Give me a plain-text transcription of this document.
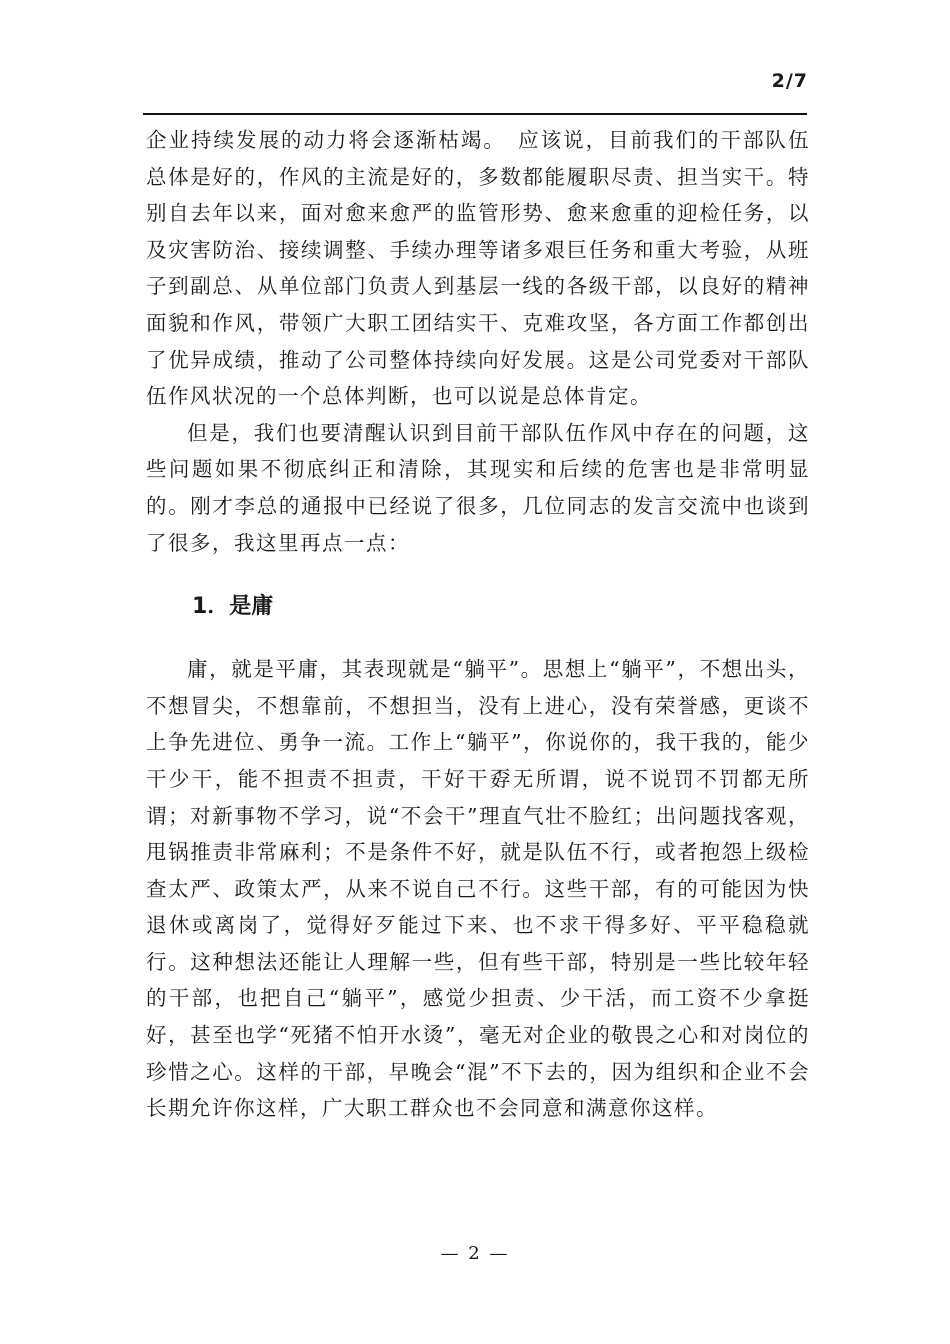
2/7

企业持续发展的动力将会逐渐枯竭。　应该说，目前我们的干部队伍总体是好的，作风的主流是好的，多数都能履职尽责、担当实干。特别自去年以来，面对愈来愈严的监管形势、愈来愈重的迎检任务，以及灾害防治、接续调整、手续办理等诸多艰巨任务和重大考验，从班子到副总、从单位部门负责人到基层一线的各级干部，以良好的精神面貌和作风，带领广大职工团结实干、克难攻坚，各方面工作都创出了优异成绩，推动了公司整体持续向好发展。这是公司党委对干部队伍作风状况的一个总体判断，也可以说是总体肯定。

但是，我们也要清醒认识到目前干部队伍作风中存在的问题，这些问题如果不彻底纠正和清除，其现实和后续的危害也是非常明显的。刚才李总的通报中已经说了很多，几位同志的发言交流中也谈到了很多，我这里再点一点：

1．是庸

庸，就是平庸，其表现就是“躺平”。思想上“躺平”，不想出头，不想冒尖，不想靠前，不想担当，没有上进心，没有荣誉感，更谈不上争先进位、勇争一流。工作上“躺平”，你说你的，我干我的，能少干少干，能不担责不担责，干好干孬无所谓，说不说罚不罚都无所谓；对新事物不学习，说“不会干”理直气壮不脸红；出问题找客观，甩锅推责非常麻利；不是条件不好，就是队伍不行，或者抱怨上级检查太严、政策太严，从来不说自己不行。这些干部，有的可能因为快退休或离岗了，觉得好歹能过下来、也不求干得多好、平平稳稳就行。这种想法还能让人理解一些，但有些干部，特别是一些比较年轻的干部，也把自己“躺平”，感觉少担责、少干活，而工资不少拿挺好，甚至也学“死猪不怕开水烫”，毫无对企业的敬畏之心和对岗位的珍惜之心。这样的干部，早晚会“混”不下去的，因为组织和企业不会长期允许你这样，广大职工群众也不会同意和满意你这样。

— 2 —
